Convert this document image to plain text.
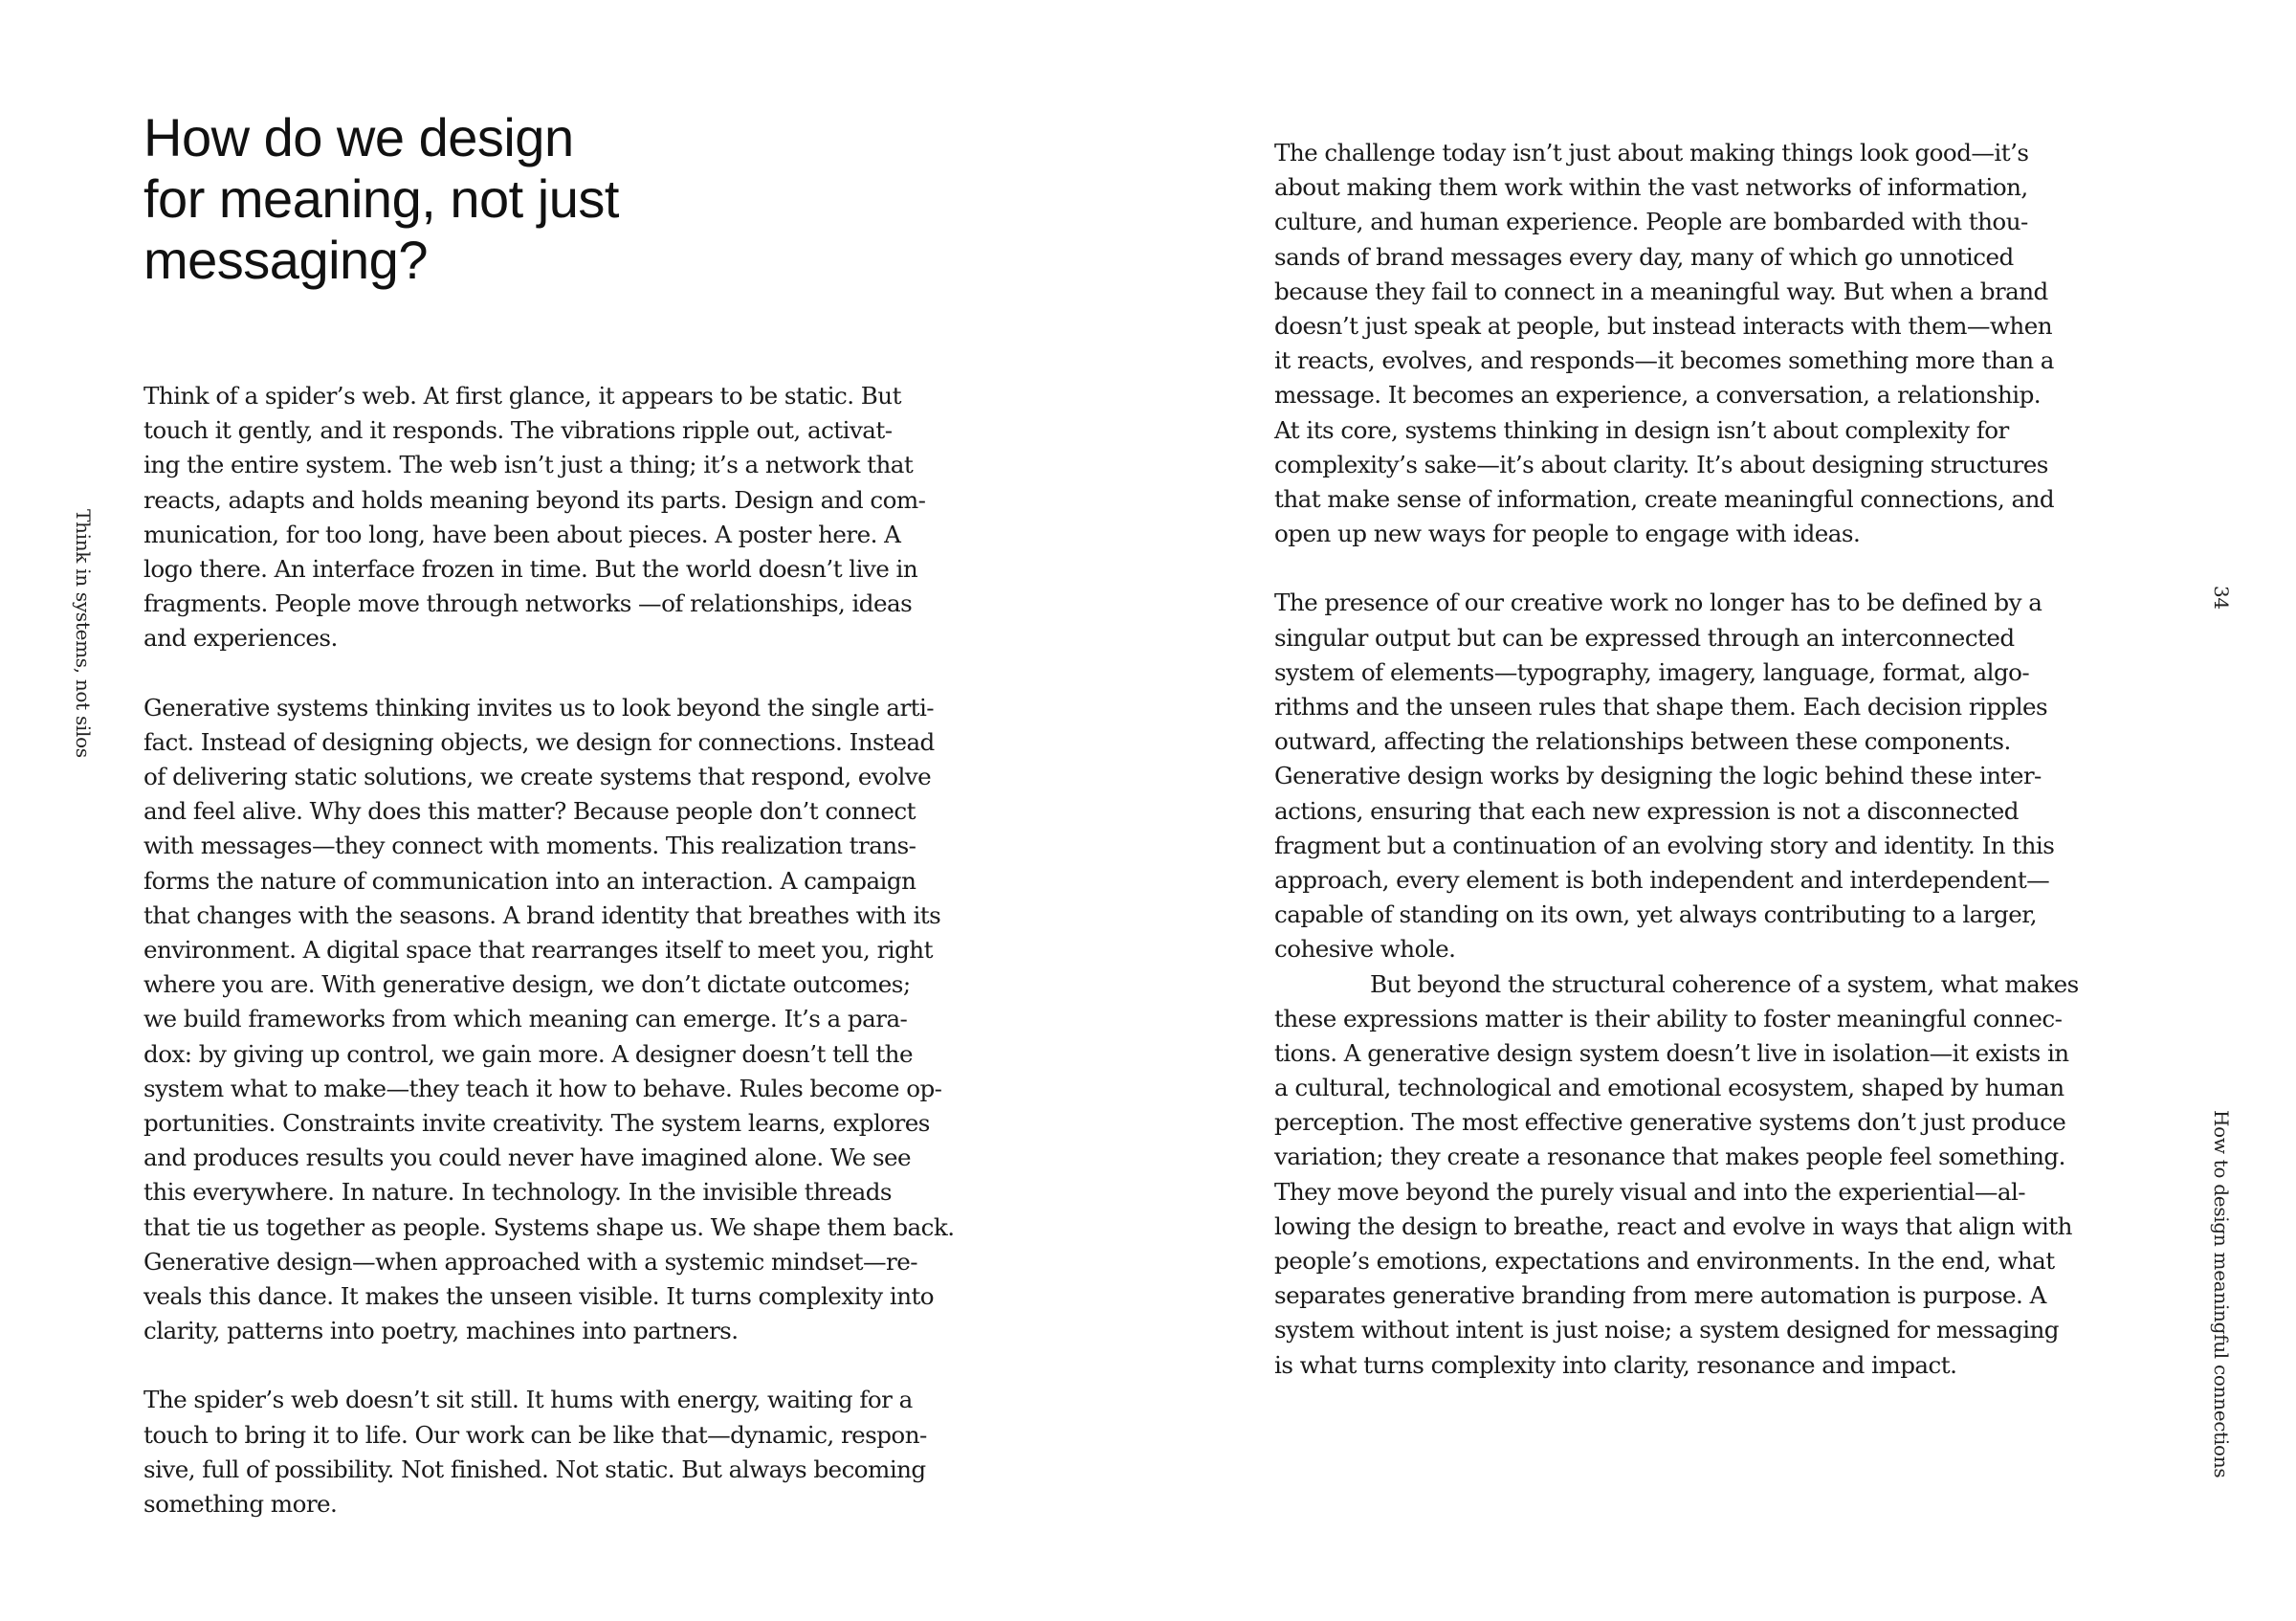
How do we design
for meaning, not just
messaging?
Think of a spider’s web. At first glance, it appears to be static. But
touch it gently, and it responds. The vibrations ripple out, activat-
ing the entire system. The web isn’t just a thing; it’s a network that
reacts, adapts and holds meaning beyond its parts. Design and com-
munication, for too long, have been about pieces. A poster here. A
logo there. An interface frozen in time. But the world doesn’t live in
fragments. People move through networks —of relationships, ideas
and experiences.
Generative systems thinking invites us to look beyond the single arti-
fact. Instead of designing objects, we design for connections. Instead
of delivering static solutions, we create systems that respond, evolve
and feel alive. Why does this matter? Because people don’t connect
with messages—they connect with moments. This realization trans-
forms the nature of communication into an interaction. A campaign
that changes with the seasons. A brand identity that breathes with its
environment. A digital space that rearranges itself to meet you, right
where you are. With generative design, we don’t dictate outcomes;
we build frameworks from which meaning can emerge. It’s a para-
dox: by giving up control, we gain more. A designer doesn’t tell the
system what to make—they teach it how to behave. Rules become op-
portunities. Constraints invite creativity. The system learns, explores
and produces results you could never have imagined alone. We see
this everywhere. In nature. In technology. In the invisible threads
that tie us together as people. Systems shape us. We shape them back.
Generative design—when approached with a systemic mindset—re-
veals this dance. It makes the unseen visible. It turns complexity into
clarity, patterns into poetry, machines into partners.
The spider’s web doesn’t sit still. It hums with energy, waiting for a
touch to bring it to life. Our work can be like that—dynamic, respon-
sive, full of possibility. Not finished. Not static. But always becoming
something more.
The challenge today isn’t just about making things look good—it’s
about making them work within the vast networks of information,
culture, and human experience. People are bombarded with thou-
sands of brand messages every day, many of which go unnoticed
because they fail to connect in a meaningful way. But when a brand
doesn’t just speak at people, but instead interacts with them—when
it reacts, evolves, and responds—it becomes something more than a
message. It becomes an experience, a conversation, a relationship.
At its core, systems thinking in design isn’t about complexity for
complexity’s sake—it’s about clarity. It’s about designing structures
that make sense of information, create meaningful connections, and
open up new ways for people to engage with ideas.
The presence of our creative work no longer has to be defined by a
singular output but can be expressed through an interconnected
system of elements—typography, imagery, language, format, algo-
rithms and the unseen rules that shape them. Each decision ripples
outward, affecting the relationships between these components.
Generative design works by designing the logic behind these inter-
actions, ensuring that each new expression is not a disconnected
fragment but a continuation of an evolving story and identity. In this
approach, every element is both independent and interdependent—
capable of standing on its own, yet always contributing to a larger,
cohesive whole.
But beyond the structural coherence of a system, what makes
these expressions matter is their ability to foster meaningful connec-
tions. A generative design system doesn’t live in isolation—it exists in
a cultural, technological and emotional ecosystem, shaped by human
perception. The most effective generative systems don’t just produce
variation; they create a resonance that makes people feel something.
They move beyond the purely visual and into the experiential—al-
lowing the design to breathe, react and evolve in ways that align with
people’s emotions, expectations and environments. In the end, what
separates generative branding from mere automation is purpose. A
system without intent is just noise; a system designed for messaging
is what turns complexity into clarity, resonance and impact.
Think in systems, not silos	34
How to design meaningful connections
